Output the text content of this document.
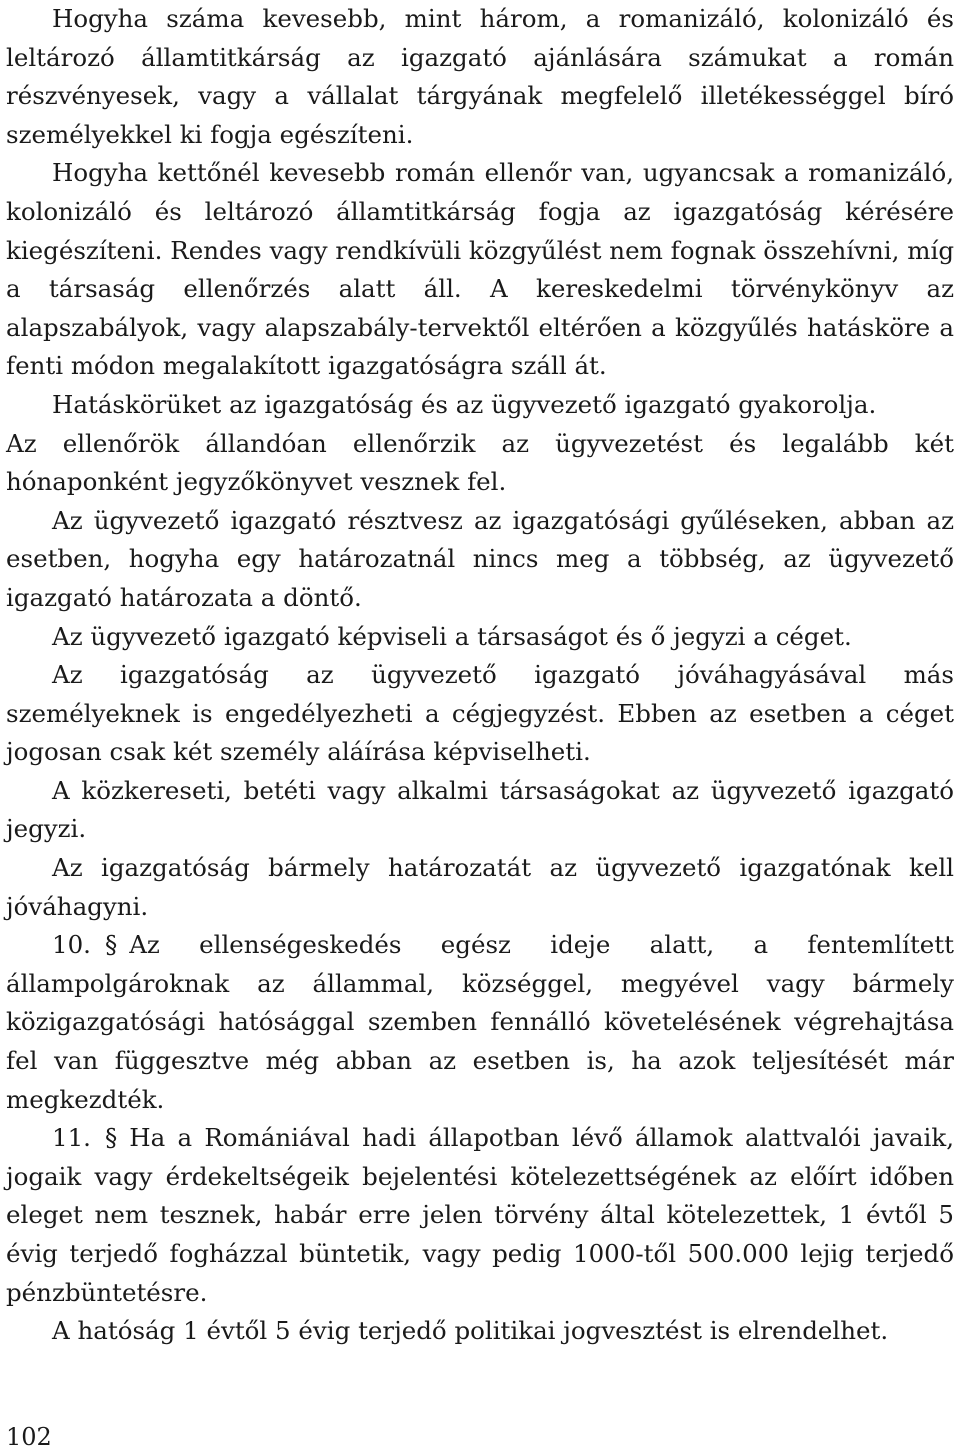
Hogyha száma kevesebb, mint három, a romanizáló, kolonizáló és leltározó államtitkárság az igazgató ajánlására számukat a román részvényesek, vagy a vállalat tárgyának megfelelő illetékességgel bíró személyekkel ki fogja egészíteni.

Hogyha kettőnél kevesebb román ellenőr van, ugyancsak a romanizáló, kolonizáló és leltározó államtitkárság fogja az igazgatóság kérésére kiegészíteni. Rendes vagy rendkívüli közgyűlést nem fognak összehívni, míg a társaság ellenőrzés alatt áll. A kereskedelmi törvénykönyv az alapszabályok, vagy alapszabály-tervektől eltérően a közgyűlés hatásköre a fenti módon megalakított igazgatóságra száll át.

Hatáskörüket az igazgatóság és az ügyvezető igazgató gyakorolja.

Az ellenőrök állandóan ellenőrzik az ügyvezetést és legalább két hónaponként jegyzőkönyvet vesznek fel.

Az ügyvezető igazgató résztvesz az igazgatósági gyűléseken, abban az esetben, hogyha egy határozatnál nincs meg a többség, az ügyvezető igazgató határozata a döntő.

Az ügyvezető igazgató képviseli a társaságot és ő jegyzi a céget.

Az igazgatóság az ügyvezető igazgató jóváhagyásával más személyeknek is engedélyezheti a cégjegyzést. Ebben az esetben a céget jogosan csak két személy aláírása képviselheti.

A közkereseti, betéti vagy alkalmi társaságokat az ügyvezető igazgató jegyzi.

Az igazgatóság bármely határozatát az ügyvezető igazgatónak kell jóváhagyni.

10. § Az ellenségeskedés egész ideje alatt, a fentemlített állampolgároknak az állammal, községgel, megyével vagy bármely közigazgatósági hatósággal szemben fennálló követelésének végrehajtása fel van függesztve még abban az esetben is, ha azok teljesítését már megkezdték.

11. § Ha a Romániával hadi állapotban lévő államok alattvalói javaik, jogaik vagy érdekeltségeik bejelentési kötelezettségének az előírt időben eleget nem tesznek, habár erre jelen törvény által kötelezettek, 1 évtől 5 évig terjedő fogházzal büntetik, vagy pedig 1000-től 500.000 lejig terjedő pénzbüntetésre.

A hatóság 1 évtől 5 évig terjedő politikai jogvesztést is elrendelhet.

102
